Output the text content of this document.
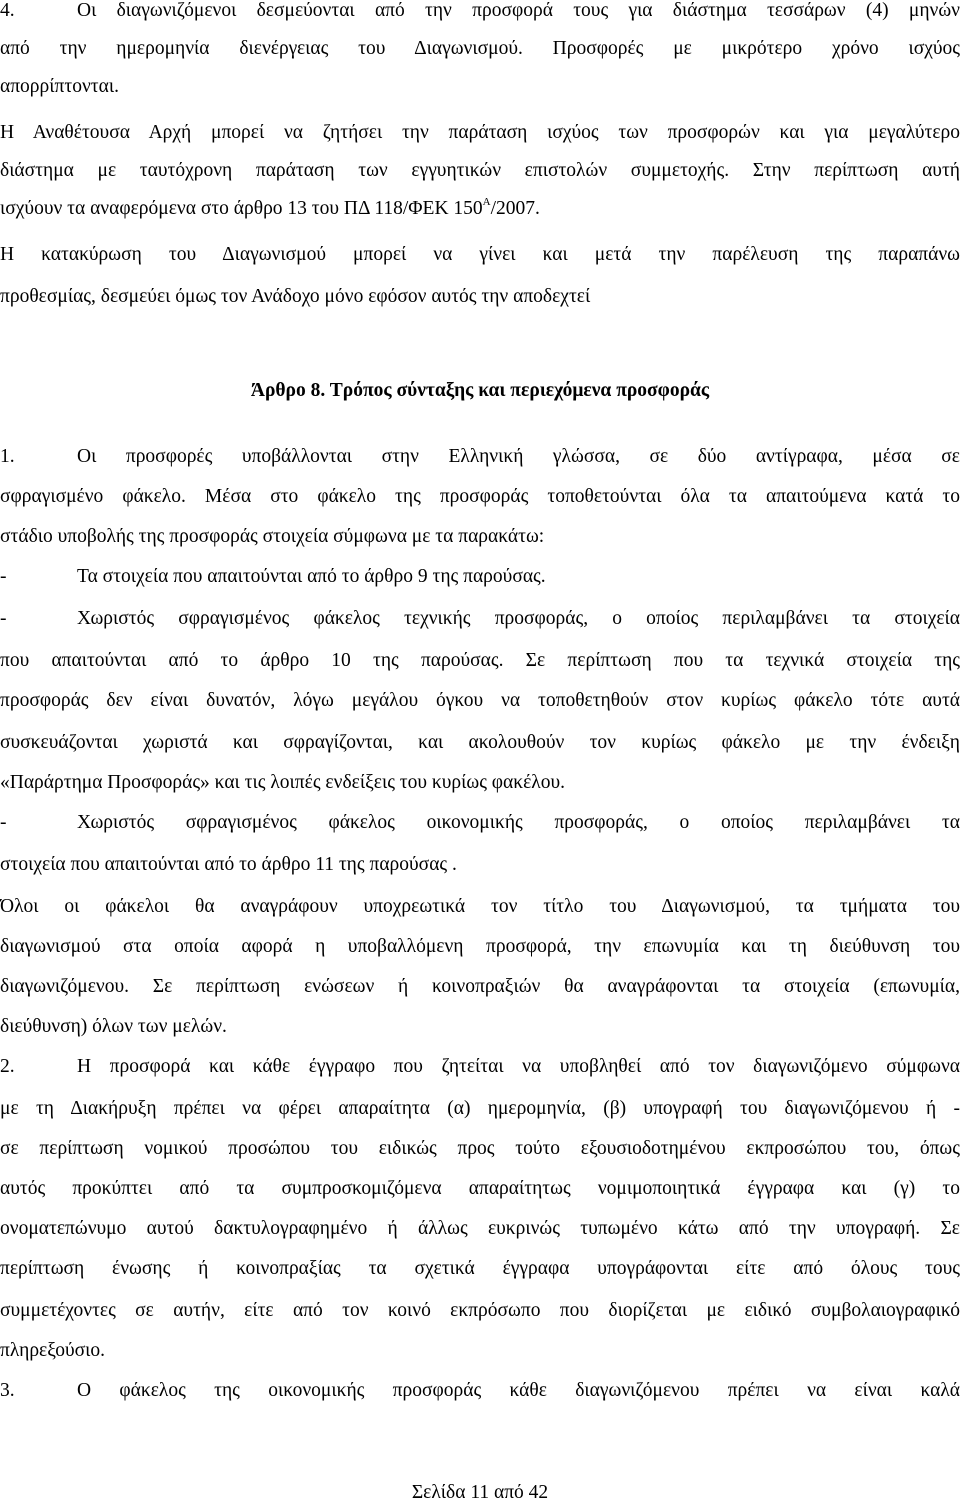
4.	Οι διαγωνιζόμενοι δεσμεύονται από την προσφορά τους για διάστημα τεσσάρων (4) μηνών
από την ημερομηνία διενέργειας του Διαγωνισμού. Προσφορές με μικρότερο χρόνο ισχύος
απορρίπτονται.
Η Αναθέτουσα Αρχή μπορεί να ζητήσει την παράταση ισχύος των προσφορών και για μεγαλύτερο
διάστημα με ταυτόχρονη παράταση των εγγυητικών επιστολών συμμετοχής. Στην περίπτωση αυτή
ισχύουν τα αναφερόμενα στο άρθρο 13 του ΠΔ 118/ΦΕΚ $150^A/2007$.
Η κατακύρωση του Διαγωνισμού μπορεί να γίνει και μετά την παρέλευση της παραπάνω
προθεσμίας, δεσμεύει όμως τον Ανάδοχο μόνο εφόσον αυτός την αποδεχτεί
Άρθρο 8. Τρόπος σύνταξης και περιεχόμενα προσφοράς
1.	Οι προσφορές υποβάλλονται στην Ελληνική γλώσσα, σε δύο αντίγραφα, μέσα σε
σφραγισμένο φάκελο. Μέσα στο φάκελο της προσφοράς τοποθετούνται όλα τα απαιτούμενα κατά το
στάδιο υποβολής της προσφοράς στοιχεία σύμφωνα με τα παρακάτω:
-	Τα στοιχεία που απαιτούνται από το άρθρο 9 της παρούσας.
-	Χωριστός σφραγισμένος φάκελος τεχνικής προσφοράς, ο οποίος περιλαμβάνει τα στοιχεία
που απαιτούνται από το άρθρο 10 της παρούσας. Σε περίπτωση που τα τεχνικά στοιχεία της
προσφοράς δεν είναι δυνατόν, λόγω μεγάλου όγκου να τοποθετηθούν στον κυρίως φάκελο τότε αυτά
συσκευάζονται χωριστά και σφραγίζονται, και ακολουθούν τον κυρίως φάκελο με την ένδειξη
«Παράρτημα Προσφοράς» και τις λοιπές ενδείξεις του κυρίως φακέλου.
-	Χωριστός σφραγισμένος φάκελος οικονομικής προσφοράς, ο οποίος περιλαμβάνει τα
στοιχεία που απαιτούνται από το άρθρο 11 της παρούσας .
Όλοι οι φάκελοι θα αναγράφουν υποχρεωτικά τον τίτλο του Διαγωνισμού, τα τμήματα του
διαγωνισμού στα οποία αφορά η υποβαλλόμενη προσφορά, την επωνυμία και τη διεύθυνση του
διαγωνιζόμενου. Σε περίπτωση ενώσεων ή κοινοπραξιών θα αναγράφονται τα στοιχεία (επωνυμία,
διεύθυνση) όλων των μελών.
2.	Η προσφορά και κάθε έγγραφο που ζητείται να υποβληθεί από τον διαγωνιζόμενο σύμφωνα
με τη Διακήρυξη πρέπει να φέρει απαραίτητα (α) ημερομηνία, (β) υπογραφή του διαγωνιζόμενου ή -
σε περίπτωση νομικού προσώπου του ειδικώς προς τούτο εξουσιοδοτημένου εκπροσώπου του, όπως
αυτός προκύπτει από τα συμπροσκομιζόμενα απαραίτητως νομιμοποιητικά έγγραφα και (γ) το
ονοματεπώνυμο αυτού δακτυλογραφημένο ή άλλως ευκρινώς τυπωμένο κάτω από την υπογραφή. Σε
περίπτωση ένωσης ή κοινοπραξίας τα σχετικά έγγραφα υπογράφονται είτε από όλους τους
συμμετέχοντες σε αυτήν, είτε από τον κοινό εκπρόσωπο που διορίζεται με ειδικό συμβολαιογραφικό
πληρεξούσιο.
3.	Ο φάκελος της οικονομικής προσφοράς κάθε διαγωνιζόμενου πρέπει να είναι καλά
Σελίδα 11 από 42
